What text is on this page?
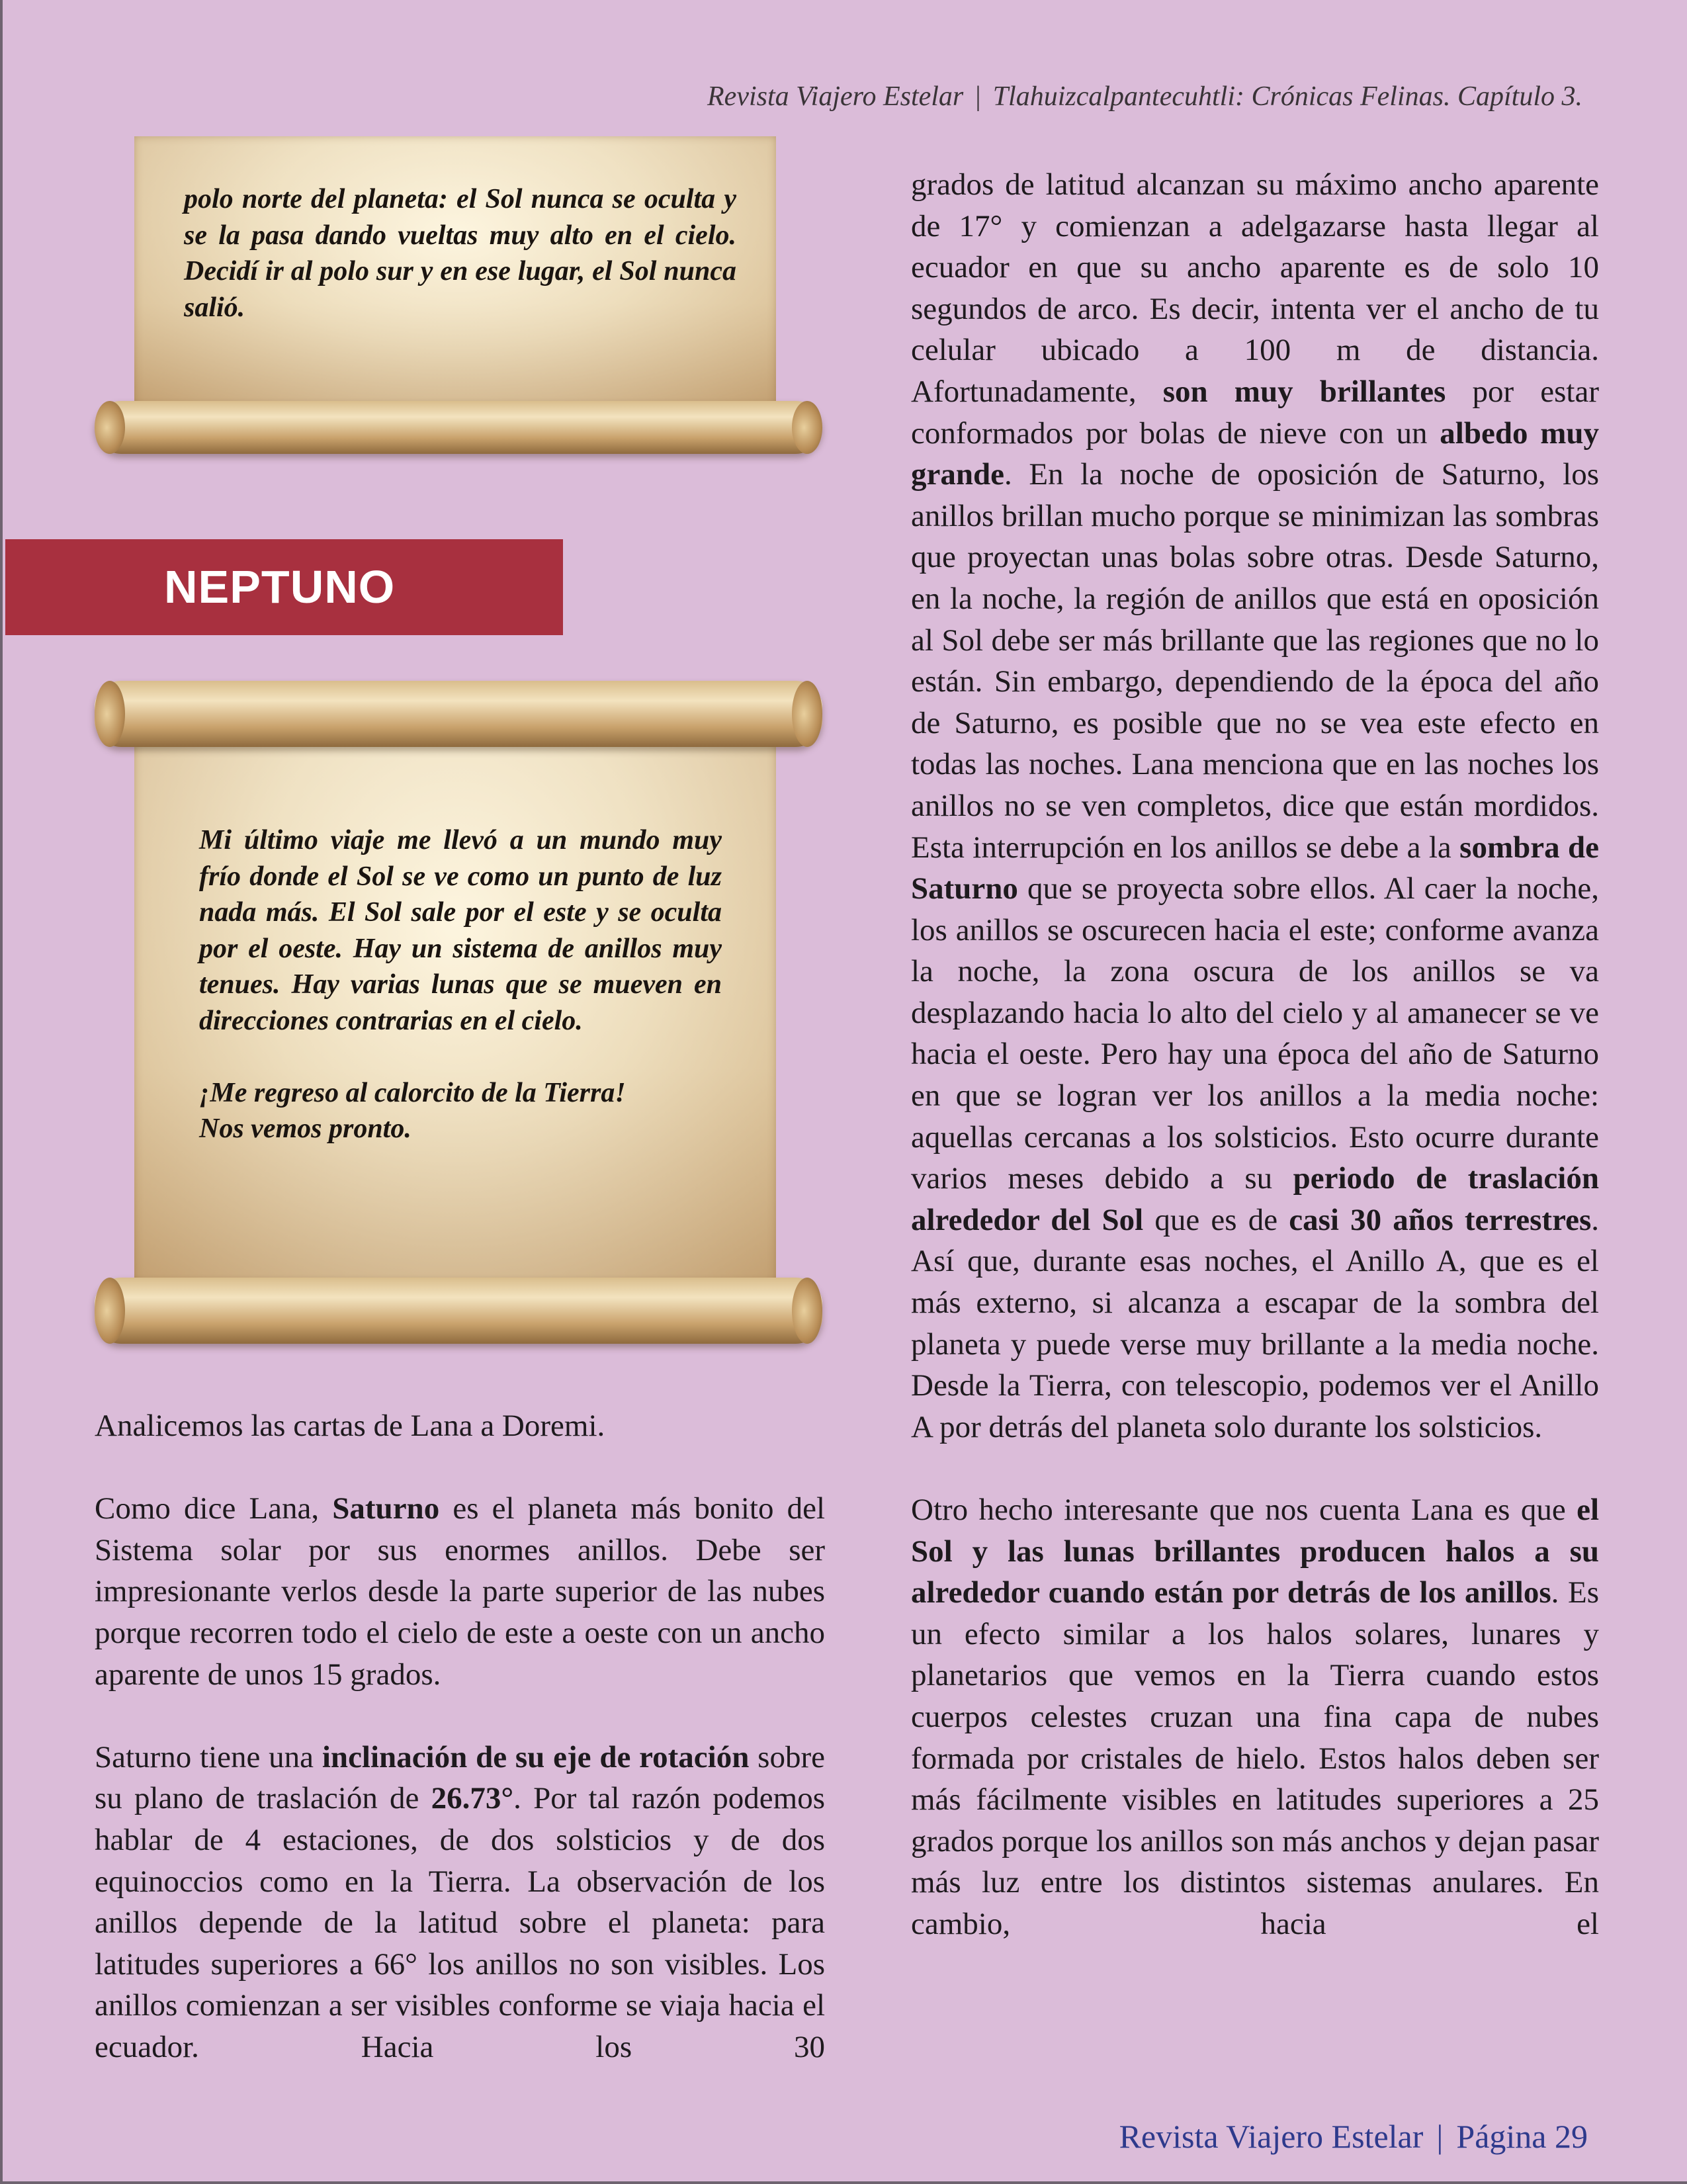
Revista Viajero Estelar | Tlahuizcalpantecuhtli: Crónicas Felinas. Capítulo 3.

polo norte del planeta: el Sol nunca se oculta y se la pasa dando vueltas muy alto en el cielo. Decidí ir al polo sur y en ese lugar, el Sol nunca salió.

NEPTUNO

Mi último viaje me llevó a un mundo muy frío donde el Sol se ve como un punto de luz nada más. El Sol sale por el este y se oculta por el oeste. Hay un sistema de anillos muy tenues. Hay varias lunas que se mueven en direcciones contrarias en el cielo.

¡Me regreso al calorcito de la Tierra!

Nos vemos pronto.

Analicemos las cartas de Lana a Doremi.

Como dice Lana, Saturno es el planeta más bonito del Sistema solar por sus enormes anillos. Debe ser impresionante verlos desde la parte superior de las nubes porque recorren todo el cielo de este a oeste con un ancho aparente de unos 15 grados.

Saturno tiene una inclinación de su eje de rotación sobre su plano de traslación de 26.73°. Por tal razón podemos hablar de 4 estaciones, de dos solsticios y de dos equinoccios como en la Tierra. La observación de los anillos depende de la latitud sobre el planeta: para latitudes superiores a 66° los anillos no son visibles. Los anillos comienzan a ser visibles conforme se viaja hacia el ecuador. Hacia los 30

grados de latitud alcanzan su máximo ancho aparente de 17° y comienzan a adelgazarse hasta llegar al ecuador en que su ancho aparente es de solo 10 segundos de arco. Es decir, intenta ver el ancho de tu celular ubicado a 100 m de distancia. Afortunadamente, son muy brillantes por estar conformados por bolas de nieve con un albedo muy grande. En la noche de oposición de Saturno, los anillos brillan mucho porque se minimizan las sombras que proyectan unas bolas sobre otras. Desde Saturno, en la noche, la región de anillos que está en oposición al Sol debe ser más brillante que las regiones que no lo están. Sin embargo, dependiendo de la época del año de Saturno, es posible que no se vea este efecto en todas las noches. Lana menciona que en las noches los anillos no se ven completos, dice que están mordidos. Esta interrupción en los anillos se debe a la sombra de Saturno que se proyecta sobre ellos. Al caer la noche, los anillos se oscurecen hacia el este; conforme avanza la noche, la zona oscura de los anillos se va desplazando hacia lo alto del cielo y al amanecer se ve hacia el oeste. Pero hay una época del año de Saturno en que se logran ver los anillos a la media noche: aquellas cercanas a los solsticios. Esto ocurre durante varios meses debido a su periodo de traslación alrededor del Sol que es de casi 30 años terrestres. Así que, durante esas noches, el Anillo A, que es el más externo, si alcanza a escapar de la sombra del planeta y puede verse muy brillante a la media noche. Desde la Tierra, con telescopio, podemos ver el Anillo A por detrás del planeta solo durante los solsticios.

Otro hecho interesante que nos cuenta Lana es que el Sol y las lunas brillantes producen halos a su alrededor cuando están por detrás de los anillos. Es un efecto similar a los halos solares, lunares y planetarios que vemos en la Tierra cuando estos cuerpos celestes cruzan una fina capa de nubes formada por cristales de hielo. Estos halos deben ser más fácilmente visibles en latitudes superiores a 25 grados porque los anillos son más anchos y dejan pasar más luz entre los distintos sistemas anulares. En cambio, hacia el

Revista Viajero Estelar | Página 29
